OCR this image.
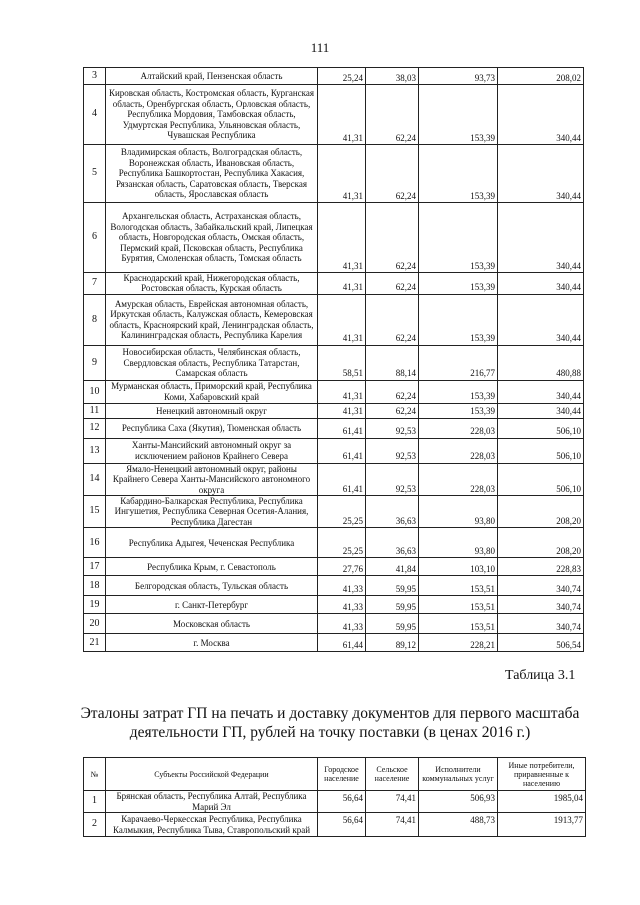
111
3	Алтайский край, Пензенская область	25,24	38,03	93,73	208,02
4	Кировская область, Костромская область, Курганская область, Оренбургская область, Орловская область, Республика Мордовия, Тамбовская область, Удмуртская Республика, Ульяновская область, Чувашская Республика	41,31	62,24	153,39	340,44
5	Владимирская область, Волгоградская область, Воронежская область, Ивановская область, Республика Башкортостан, Республика Хакасия, Рязанская область, Саратовская область, Тверская область, Ярославская область	41,31	62,24	153,39	340,44
6	Архангельская область, Астраханская область, Вологодская область, Забайкальский край, Липецкая область, Новгородская область, Омская область, Пермский край, Псковская область, Республика Бурятия, Смоленская область, Томская область	41,31	62,24	153,39	340,44
7	Краснодарский край, Нижегородская область, Ростовская область, Курская область	41,31	62,24	153,39	340,44
8	Амурская область, Еврейская автономная область, Иркутская область, Калужская область, Кемеровская область, Красноярский край, Ленинградская область, Калининградская область, Республика Карелия	41,31	62,24	153,39	340,44
9	Новосибирская область, Челябинская область, Свердловская область, Республика Татарстан, Самарская область	58,51	88,14	216,77	480,88
10	Мурманская область, Приморский край, Республика Коми, Хабаровский край	41,31	62,24	153,39	340,44
11	Ненецкий автономный округ	41,31	62,24	153,39	340,44
12	Республика Саха (Якутия), Тюменская область	61,41	92,53	228,03	506,10
13	Ханты-Мансийский автономный округ за исключением районов Крайнего Севера	61,41	92,53	228,03	506,10
14	Ямало-Ненецкий автономный округ, районы Крайнего Севера Ханты-Мансийского автономного округа	61,41	92,53	228,03	506,10
15	Кабардино-Балкарская Республика, Республика Ингушетия, Республика Северная Осетия-Алания, Республика Дагестан	25,25	36,63	93,80	208,20
16	Республика Адыгея, Чеченская Республика	25,25	36,63	93,80	208,20
17	Республика Крым, г. Севастополь	27,76	41,84	103,10	228,83
18	Белгородская область, Тульская область	41,33	59,95	153,51	340,74
19	г. Санкт-Петербург	41,33	59,95	153,51	340,74
20	Московская область	41,33	59,95	153,51	340,74
21	г. Москва	61,44	89,12	228,21	506,54
Таблица 3.1
Эталоны затрат ГП на печать и доставку документов для первого масштаба деятельности ГП, рублей на точку поставки (в ценах 2016 г.)
№	Субъекты Российской Федерации	Городское население	Сельское население	Исполнители коммунальных услуг	Иные потребители, приравненные к населению
1	Брянская область, Республика Алтай, Республика Марий Эл	56,64	74,41	506,93	1985,04
2	Карачаево-Черкесская Республика, Республика Калмыкия, Республика Тыва, Ставропольский край	56,64	74,41	488,73	1913,77
